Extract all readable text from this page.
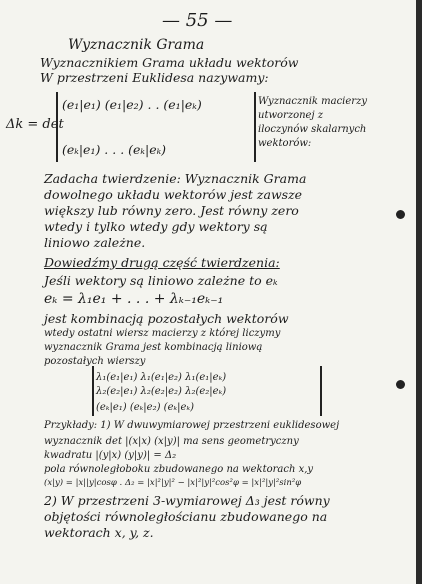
— 55 —
Wyznacznik Grama
Wyznacznikiem Grama układu wektorów
W przestrzeni Euklidesa nazywamy:
Δk = det
(e₁|e₁) (e₁|e₂) . . (e₁|eₖ)
(eₖ|e₁) . . . (eₖ|eₖ)
Wyznacznik macierzy
utworzonej z
iloczynów skalarnych
wektorów:
Zadacha twierdzenie: Wyznacznik Grama
dowolnego układu wektorów jest zawsze
większy lub równy zero. Jest równy zero
wtedy i tylko wtedy gdy wektory są
liniowo zależne.
Dowiedźmy drugą część twierdzenia:
Jeśli wektory są liniowo zależne to eₖ
eₖ = λ₁e₁ + . . . + λₖ₋₁eₖ₋₁
jest kombinacją pozostałych wektorów
wtedy ostatni wiersz macierzy z której liczymy
wyznacznik Grama jest kombinacją liniową
pozostałych wierszy
λ₁(e₁|e₁) λ₁(e₁|e₂) λ₁(e₁|eₖ)
λ₂(e₂|e₁) λ₂(e₂|e₂) λ₂(e₂|eₖ)
(eₖ|e₁) (eₖ|e₂) (eₖ|eₖ)
Przykłady: 1) W dwuwymiarowej przestrzeni euklidesowej
wyznacznik det |(x|x) (x|y)| ma sens geometryczny
kwadratu |(y|x) (y|y)| = Δ₂
pola równoległoboku zbudowanego na wektorach x,y
(x|y) = |x||y|cosφ . Δ₂ = |x|²|y|² − |x|²|y|²cos²φ = |x|²|y|²sin²φ
2) W przestrzeni 3-wymiarowej Δ₃ jest równy
objętości równoległościanu zbudowanego na
wektorach x, y, z.
